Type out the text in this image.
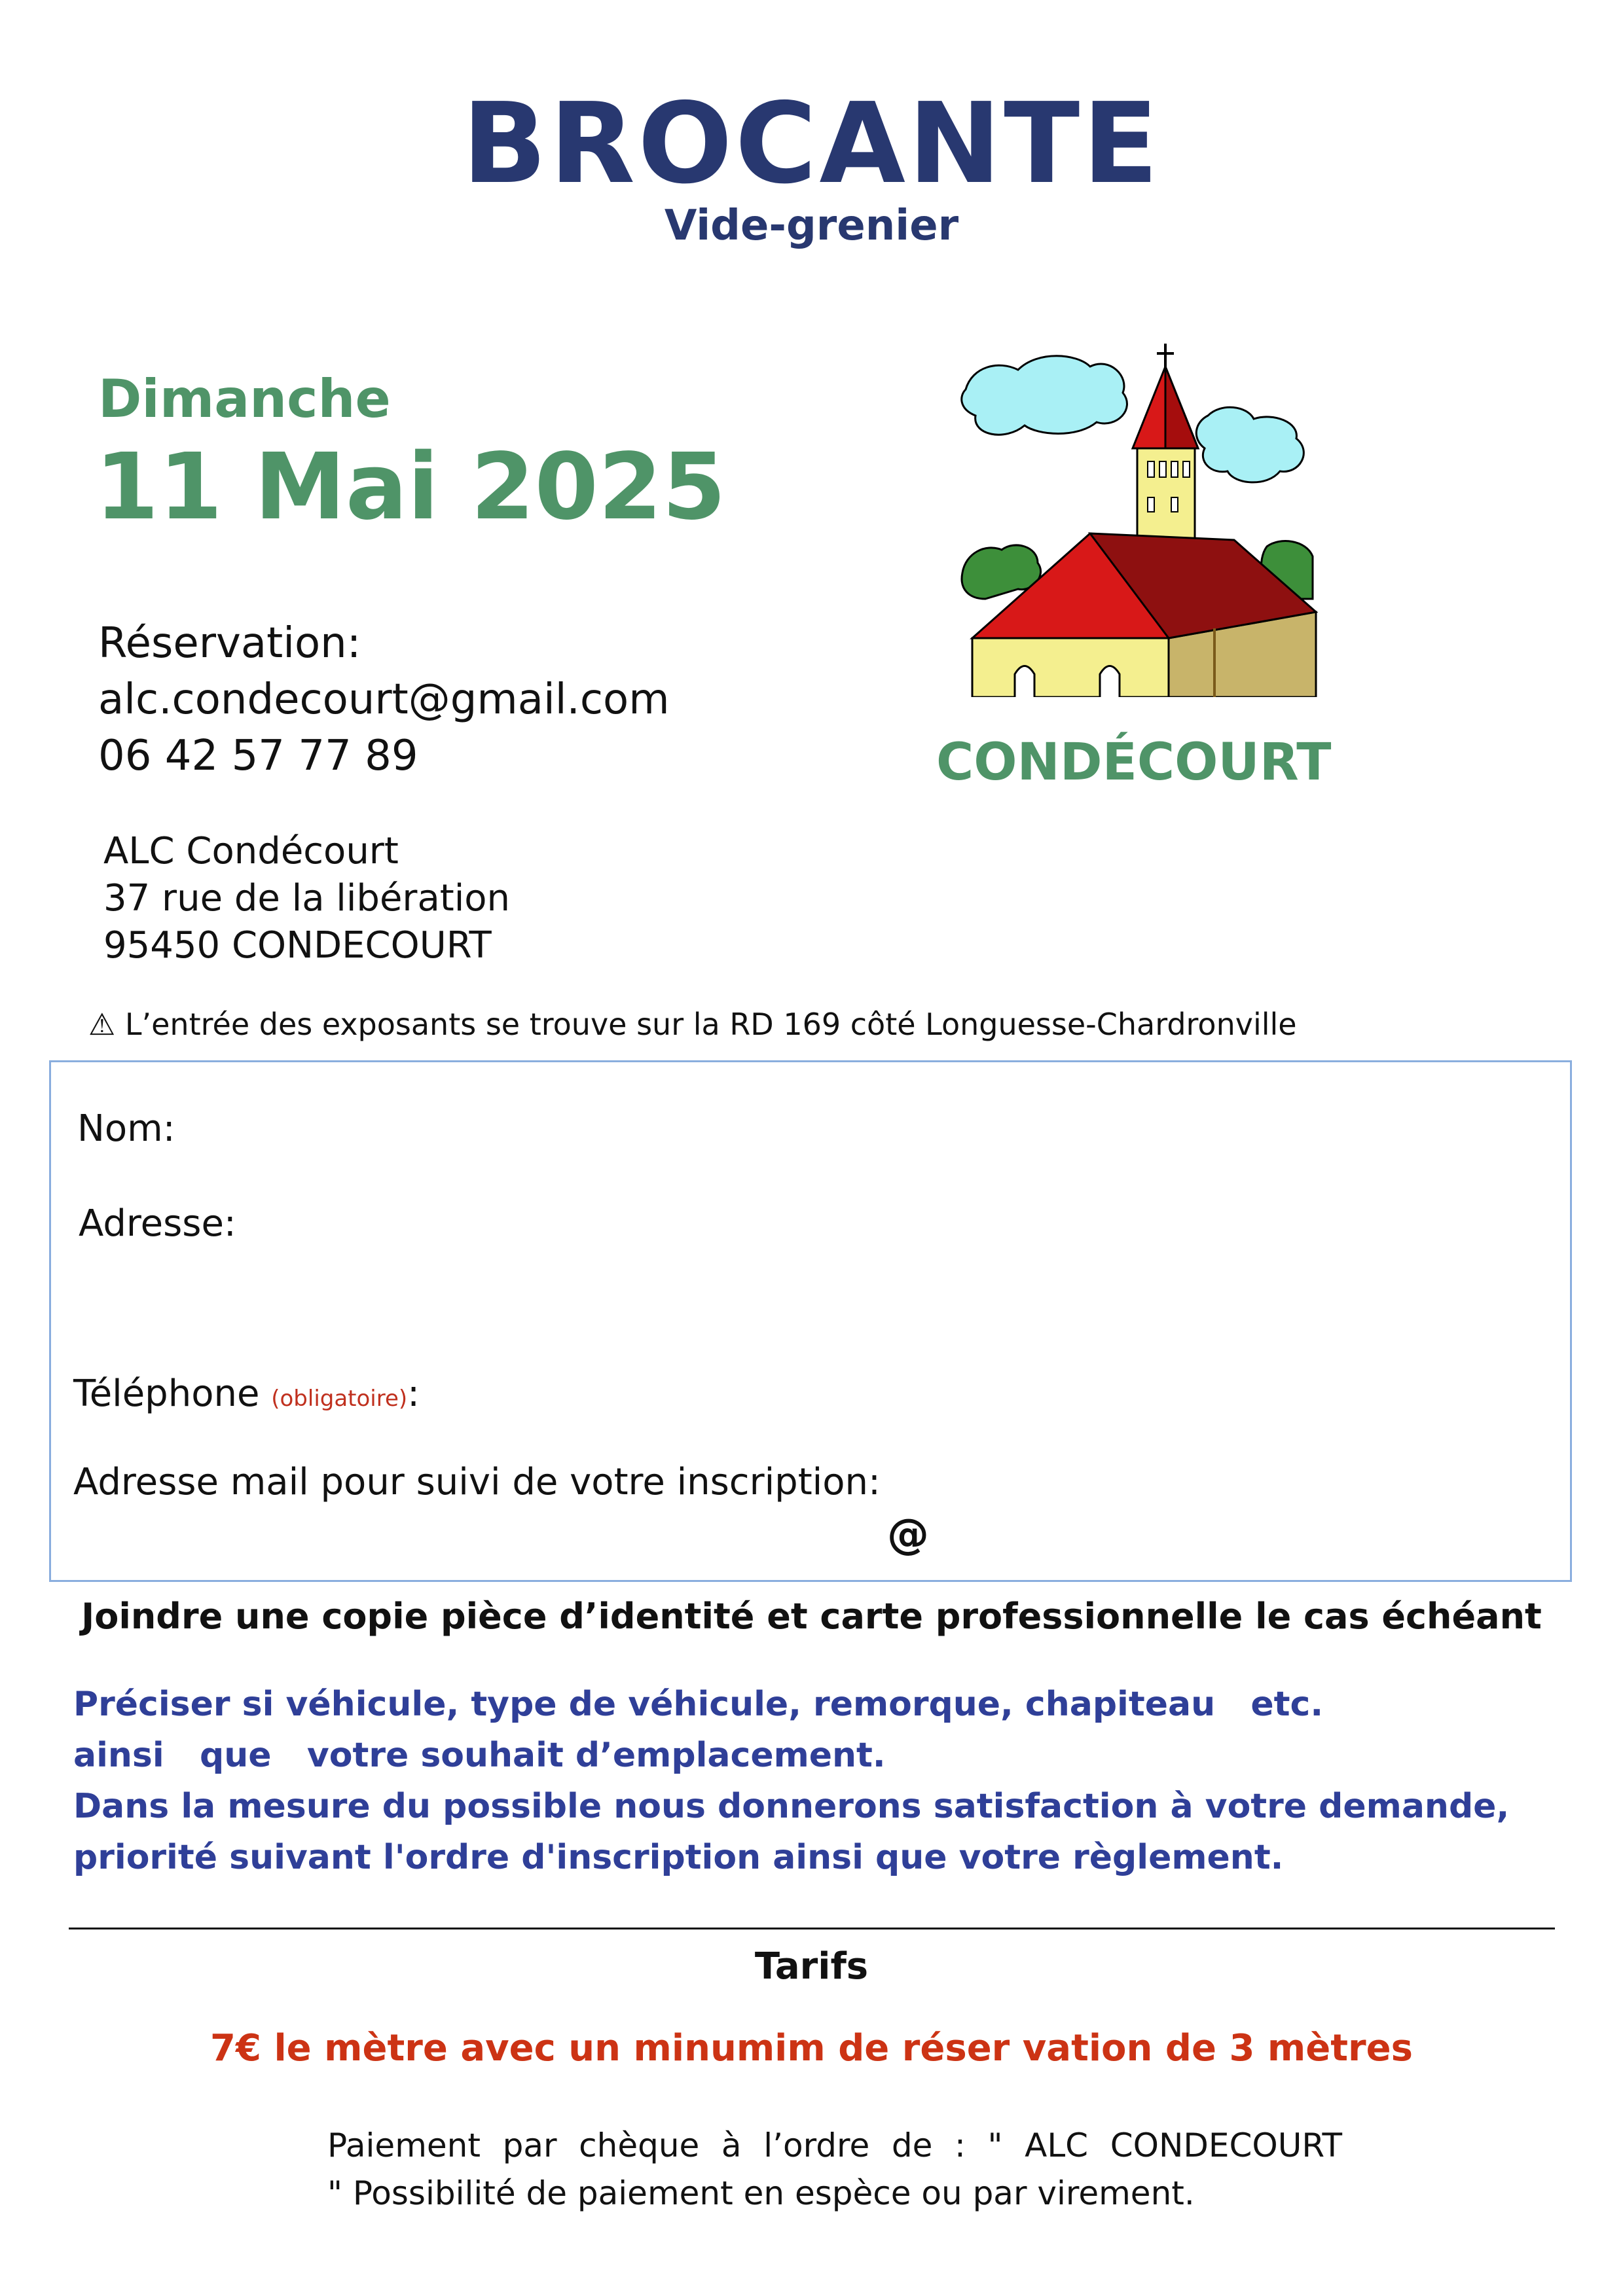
BROCANTE
Vide-grenier
Dimanche
11 Mai 2025
Réservation:
alc.condecourt@gmail.com
06 42 57 77 89
ALC Condécourt
37 rue de la libération
95450 CONDECOURT
CONDÉCOURT
⚠ L’entrée des exposants se trouve sur la RD 169 côté Longuesse-Chardronville
Nom:
Adresse:
Téléphone (obligatoire):
Adresse mail pour suivi de votre inscription:
@
Joindre une copie pièce d’identité et carte professionnelle le cas échéant
Préciser si véhicule, type de véhicule, remorque, chapiteau   etc.
ainsi   que   votre souhait d’emplacement.
Dans la mesure du possible nous donnerons satisfaction à votre demande,
priorité suivant l'ordre d'inscription ainsi que votre règlement.
Tarifs
7€ le mètre avec un minumim de réser vation de 3 mètres
Paiement par chèque à l’ordre de : " ALC CONDECOURT
" Possibilité de paiement en espèce ou par virement.
